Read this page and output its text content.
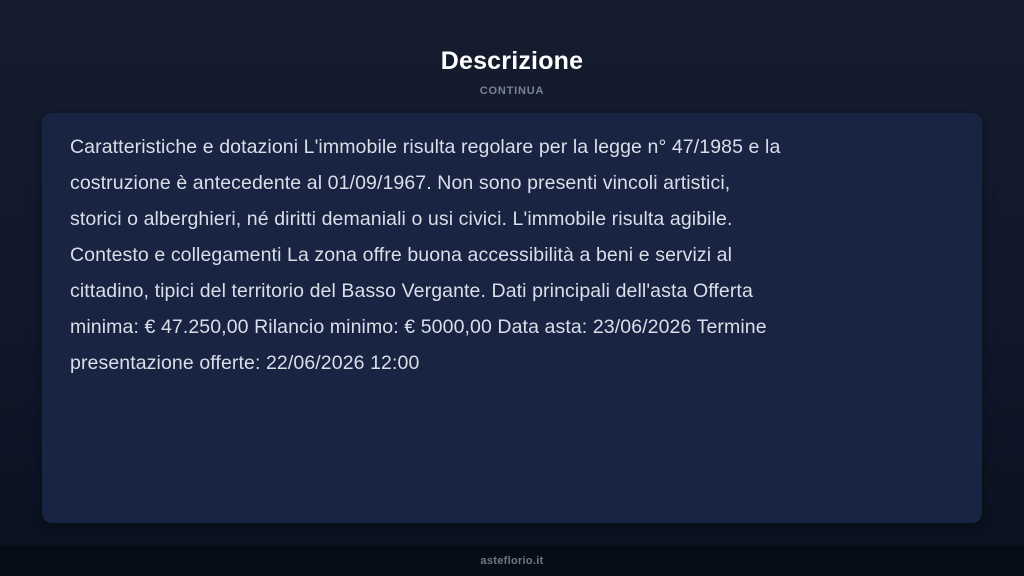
Descrizione
CONTINUA
Caratteristiche e dotazioni L'immobile risulta regolare per la legge n° 47/1985 e la
costruzione è antecedente al 01/09/1967. Non sono presenti vincoli artistici,
storici o alberghieri, né diritti demaniali o usi civici. L'immobile risulta agibile.
Contesto e collegamenti La zona offre buona accessibilità a beni e servizi al
cittadino, tipici del territorio del Basso Vergante. Dati principali dell'asta Offerta
minima: € 47.250,00 Rilancio minimo: € 5000,00 Data asta: 23/06/2026 Termine
presentazione offerte: 22/06/2026 12:00
asteflorio.it
